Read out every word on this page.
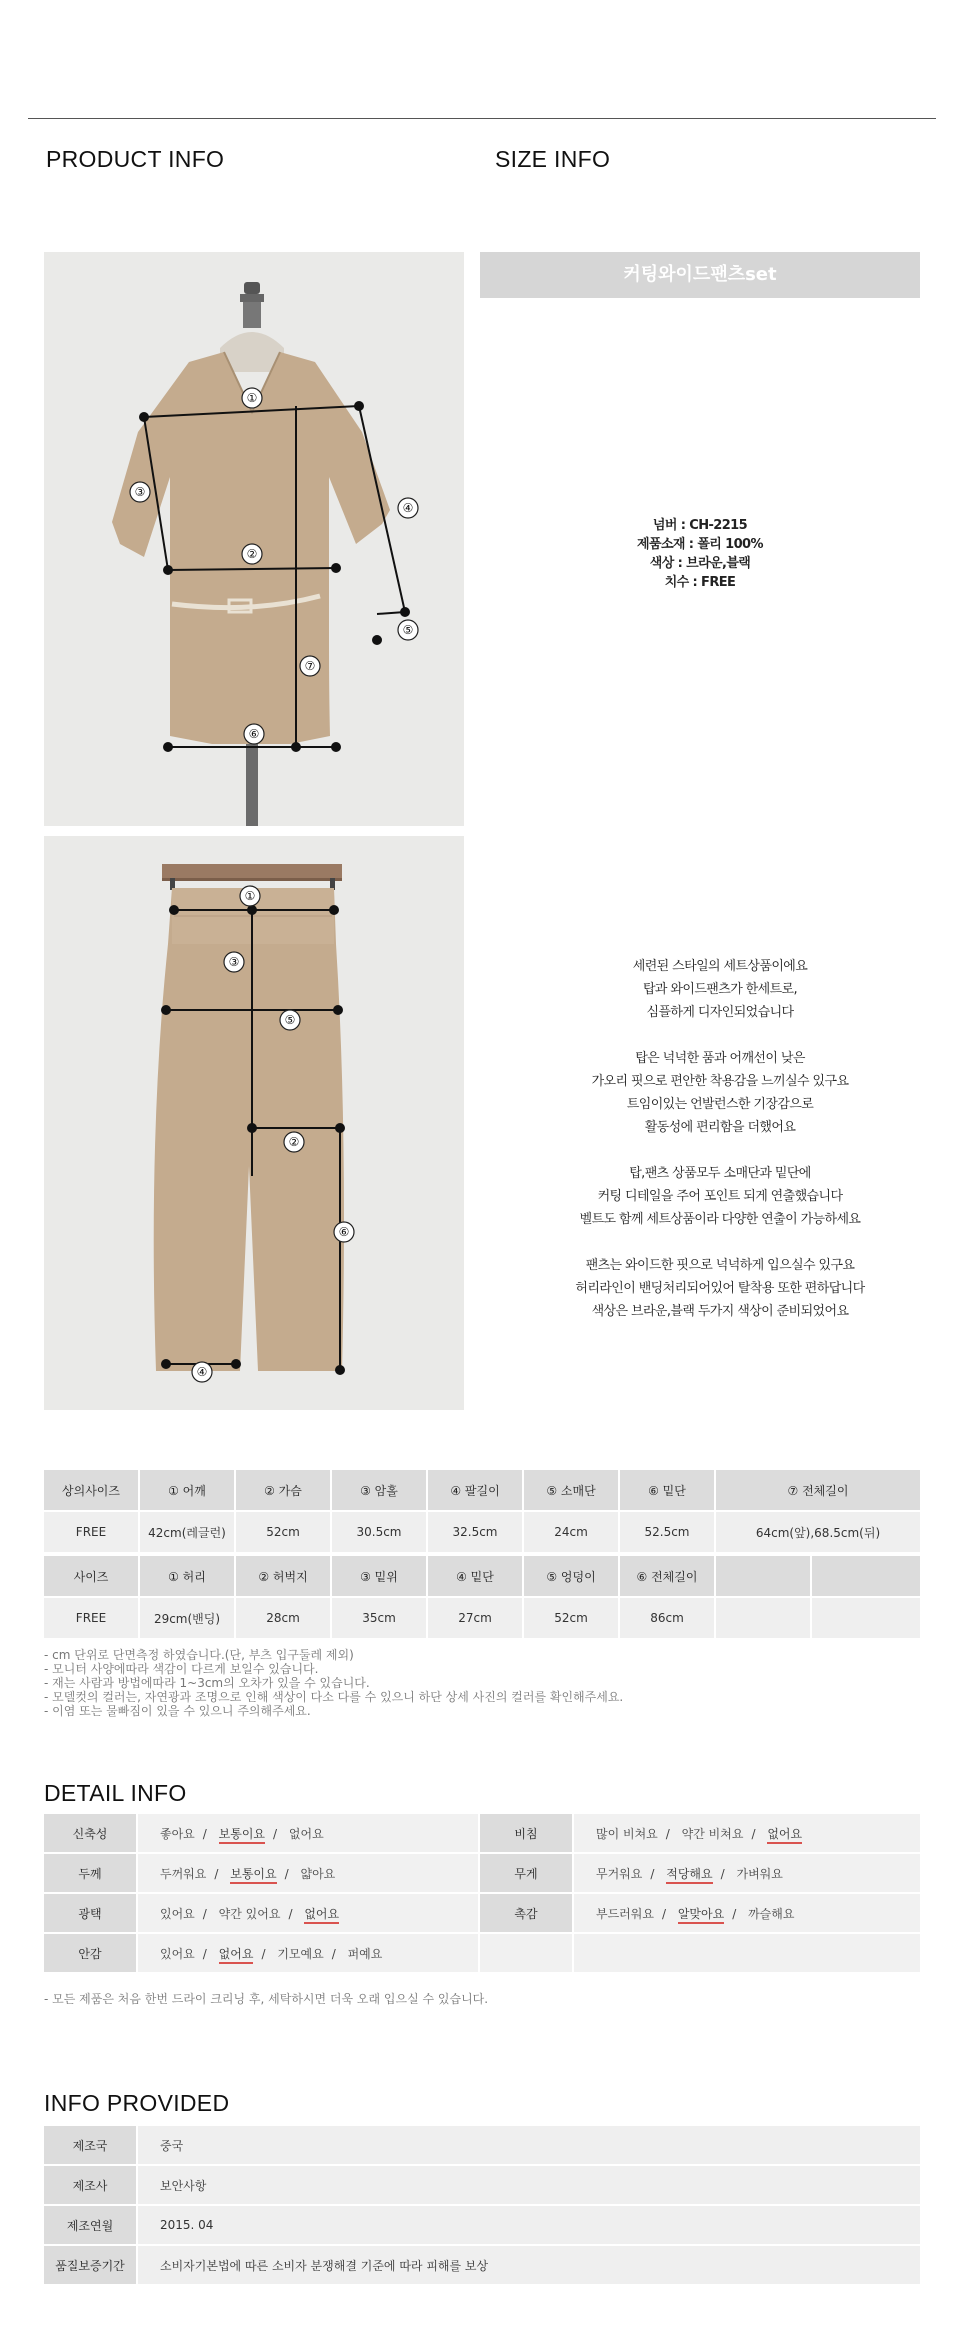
PRODUCT INFO	SIZE INFO
①
②
③
④
⑤
⑥
⑦
커팅와이드팬츠set
넘버 : CH-2215
제품소재 : 폴리 100%
색상 : 브라운,블랙
치수 : FREE
①
②
③
④
⑤
⑥

세련된 스타일의 세트상품이에요
탑과 와이드팬츠가 한세트로,
심플하게 디자인되었습니다

탑은 넉넉한 품과 어깨선이 낮은
가오리 핏으로 편안한 착용감을 느끼실수 있구요
트임이있는 언발런스한 기장감으로
활동성에 편리함을 더했어요

탑,팬츠 상품모두 소매단과 밑단에
커팅 디테일을 주어 포인트 되게 연출했습니다
벨트도 함께 세트상품이라 다양한 연출이 가능하세요

팬츠는 와이드한 핏으로 넉넉하게 입으실수 있구요
허리라인이 밴딩처리되어있어 탈착용 또한 편하답니다
색상은 브라운,블랙 두가지 색상이 준비되었어요

상의사이즈	① 어깨	② 가슴	③ 암홀	④ 팔길이	⑤ 소매단	⑥ 밑단	⑦ 전체길이
FREE	42cm(레글런)	52cm	30.5cm	32.5cm	24cm	52.5cm	64cm(앞),68.5cm(뒤)
사이즈	① 허리	② 허벅지	③ 밑위	④ 밑단	⑤ 엉덩이	⑥ 전체길이		
FREE	29cm(밴딩)	28cm	35cm	27cm	52cm	86cm		
- cm 단위로 단면측정 하였습니다.(단, 부츠 입구둘레 제외)
- 모니터 사양에따라 색감이 다르게 보일수 있습니다.
- 재는 사람과 방법에따라 1~3cm의 오차가 있을 수 있습니다.
- 모델컷의 컬러는, 자연광과 조명으로 인해 색상이 다소 다를 수 있으니 하단 상세 사진의 컬러를 확인해주세요.
- 이염 또는 물빠짐이 있을 수 있으니 주의해주세요.
DETAIL INFO
신축성	좋아요 / 보통이요 / 없어요	비침	많이 비쳐요 / 약간 비쳐요 / 없어요
두께	두꺼워요 / 보통이요 / 얇아요	무게	무거워요 / 적당해요 / 가벼워요
광택	있어요 / 약간 있어요 / 없어요	촉감	부드러워요 / 알맞아요 / 까슬해요
안감	있어요 / 없어요 / 기모예요 / 퍼예요		
- 모든 제품은 처음 한번 드라이 크리닝 후, 세탁하시면 더욱 오래 입으실 수 있습니다.
INFO PROVIDED
제조국	중국
제조사	보안사항
제조연월	2015. 04
품질보증기간	소비자기본법에 따른 소비자 분쟁해결 기준에 따라 피해를 보상
